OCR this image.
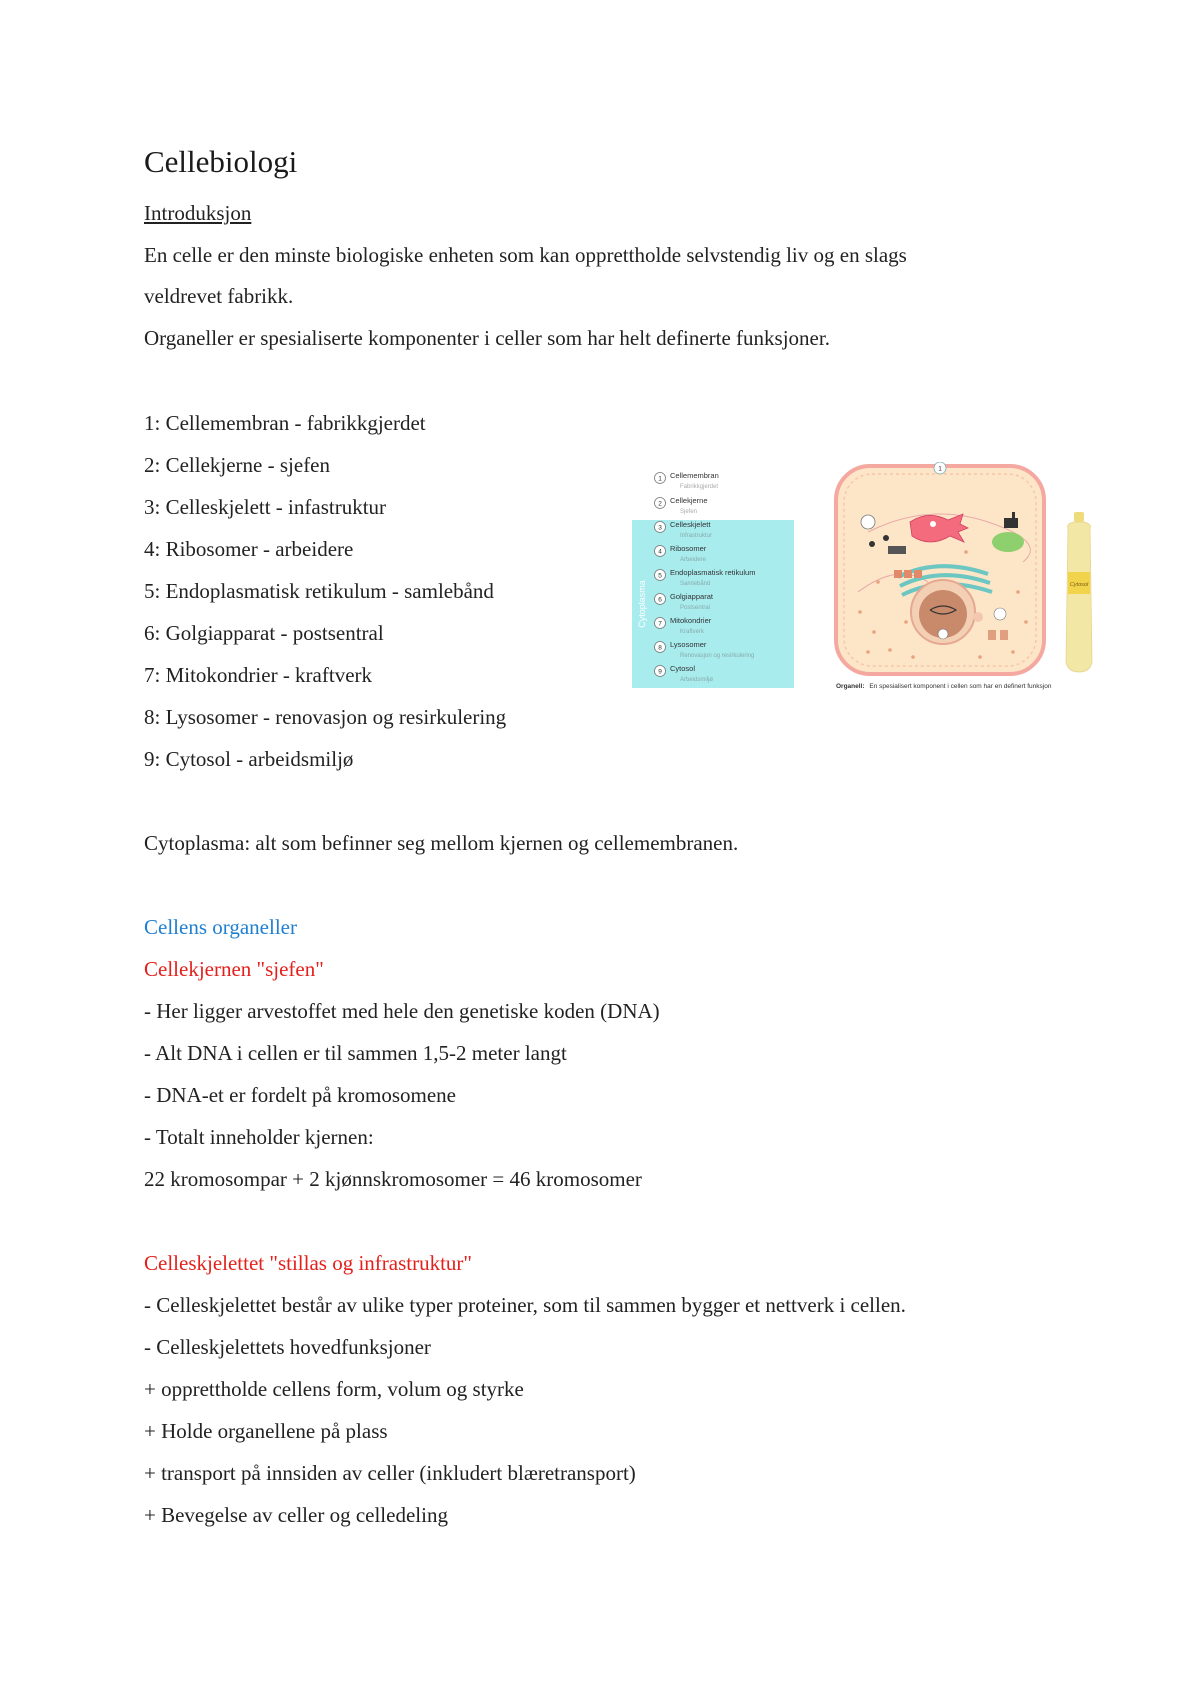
Cellebiologi
Introduksjon
En celle er den minste biologiske enheten som kan opprettholde selvstendig liv og en slags
veldrevet fabrikk.
Organeller er spesialiserte komponenter i celler som har helt definerte funksjoner.
1: Cellemembran - fabrikkgjerdet
2: Cellekjerne - sjefen
3: Celleskjelett - infastruktur
4: Ribosomer - arbeidere
5: Endoplasmatisk retikulum - samlebånd
6: Golgiapparat - postsentral
7: Mitokondrier - kraftverk
8: Lysosomer - renovasjon og resirkulering
9: Cytosol - arbeidsmiljø
Cytoplasma: alt som befinner seg mellom kjernen og cellemembranen.
Cellens organeller
Cellekjernen "sjefen"
- Her ligger arvestoffet med hele den genetiske koden (DNA)
- Alt DNA i cellen er til sammen 1,5-2 meter langt
- DNA-et er fordelt på kromosomene
- Totalt inneholder kjernen:
22 kromosompar + 2 kjønnskromosomer = 46 kromosomer
Celleskjelettet "stillas og infrastruktur"
- Celleskjelettet består av ulike typer proteiner, som til sammen bygger et nettverk i cellen.
- Celleskjelettets hovedfunksjoner
+ opprettholde cellens form, volum og styrke
+ Holde organellene på plass
+ transport på innsiden av celler (inkludert blæretransport)
+ Bevegelse av celler og celledeling
Cytoplasma
1 Cellemembran
Fabrikkgjerdet
2 Cellekjerne
Sjefen
3 Celleskjelett
Infrastruktur
4 Ribosomer
Arbeidere
5 Endoplasmatisk retikulum
Samlebånd
6 Golgiapparat
Postsentral
7 Mitokondrier
Kraftverk
8 Lysosomer
Renovasjon og resirkulering
9 Cytosol
Arbeidsmiljø
1
Cytosol
Organell: En spesialisert komponent i cellen som har en definert funksjon
